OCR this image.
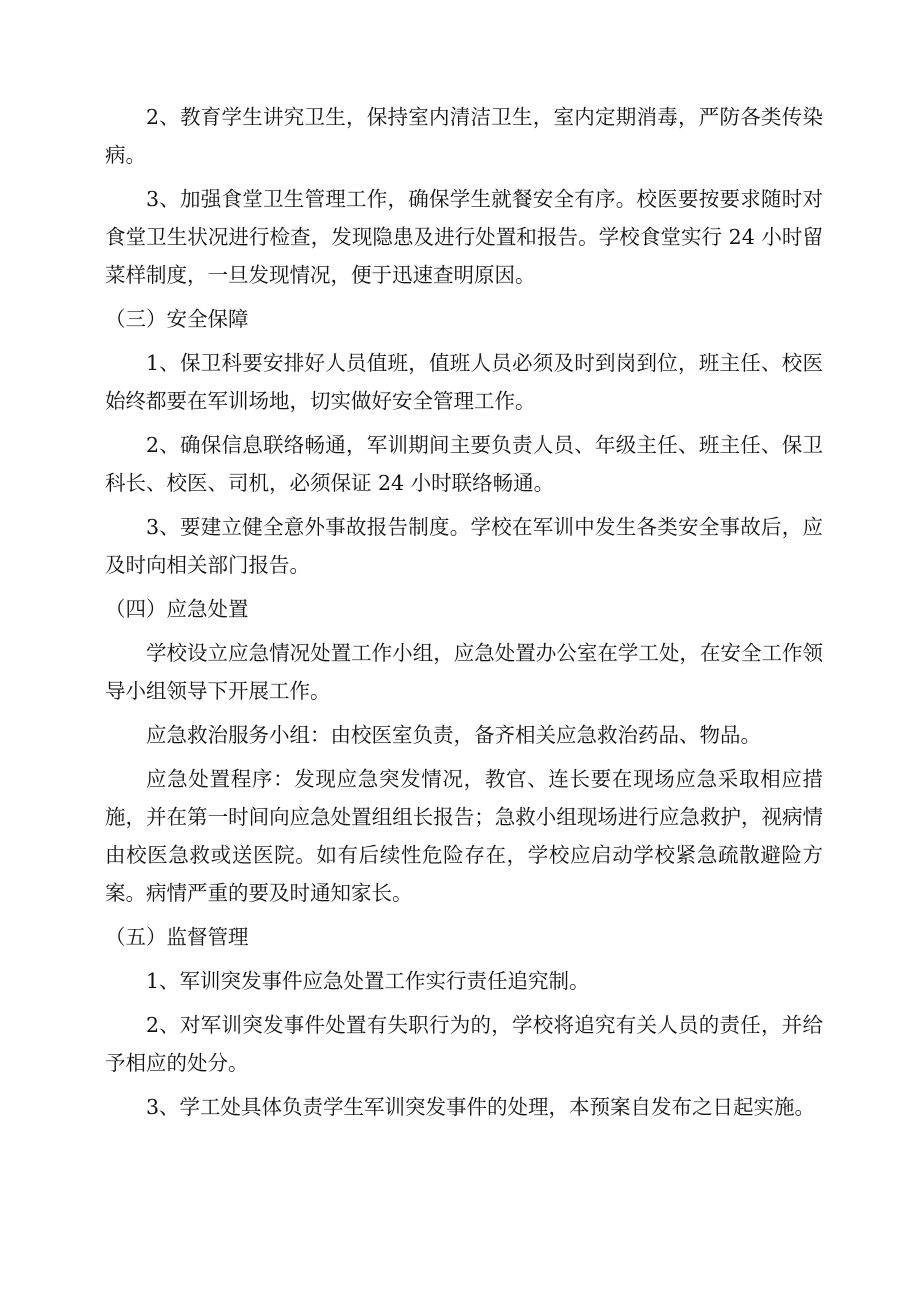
2、教育学生讲究卫生，保持室内清洁卫生，室内定期消毒，严防各类传染病。

3、加强食堂卫生管理工作，确保学生就餐安全有序。校医要按要求随时对食堂卫生状况进行检查，发现隐患及进行处置和报告。学校食堂实行 24 小时留菜样制度，一旦发现情况，便于迅速查明原因。

（三）安全保障

1、保卫科要安排好人员值班，值班人员必须及时到岗到位，班主任、校医始终都要在军训场地，切实做好安全管理工作。

2、确保信息联络畅通，军训期间主要负责人员、年级主任、班主任、保卫科长、校医、司机，必须保证 24 小时联络畅通。

3、要建立健全意外事故报告制度。学校在军训中发生各类安全事故后，应及时向相关部门报告。

（四）应急处置

学校设立应急情况处置工作小组，应急处置办公室在学工处，在安全工作领导小组领导下开展工作。

应急救治服务小组：由校医室负责，备齐相关应急救治药品、物品。

应急处置程序：发现应急突发情况，教官、连长要在现场应急采取相应措施，并在第一时间向应急处置组组长报告；急救小组现场进行应急救护，视病情由校医急救或送医院。如有后续性危险存在，学校应启动学校紧急疏散避险方案。病情严重的要及时通知家长。

（五）监督管理

1、军训突发事件应急处置工作实行责任追究制。

2、对军训突发事件处置有失职行为的，学校将追究有关人员的责任，并给予相应的处分。

3、学工处具体负责学生军训突发事件的处理，本预案自发布之日起实施。
